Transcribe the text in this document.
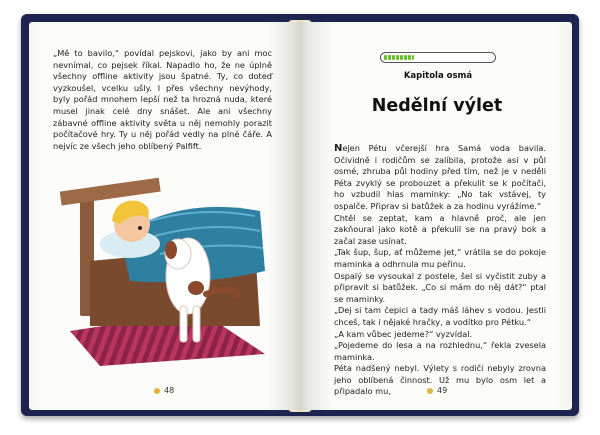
„Mě to bavilo,“ povídal pejskovi, jako by ani moc nevnímal, co pejsek říkal. Napadlo ho, že ne úplně všechny offline aktivity jsou špatné. Ty, co doteď vyzkoušel, vcelku ušly. I přes všechny nevýhody, byly pořád mnohem lepší než ta hrozná nuda, které musel jinak celé dny snášet. Ale ani všechny zábavné offline aktivity světa u něj nemohly porazit počítačové hry. Ty u něj pořád vedly na plné čáře. A nejvíc ze všech jeho oblíbený Palfift.

48
Kapitola osmá
Nedělní výlet

Nejen Pétu včerejší hra Samá voda bavila. Očividně i rodičům se zalíbila, protože asi v půl osmé, zhruba půl hodiny před tím, než je v neděli Péta zvyklý se probouzet a překulit se k počítači, ho vzbudil hlas maminky: „No tak vstávej, ty ospalče. Připrav si batůžek a za hodinu vyrážíme.“

Chtěl se zeptat, kam a hlavně proč, ale jen zakňoural jako kotě a překulil se na pravý bok a začal zase usínat.

„Tak šup, šup, ať můžeme jet,“ vrátila se do pokoje maminka a odhrnula mu peřinu.

Ospalý se vysoukal z postele, šel si vyčistit zuby a připravit si batůžek. „Co si mám do něj dát?“ ptal se maminky.

„Dej si tam čepici a tady máš láhev s vodou. Jestli chceš, tak i nějaké hračky, a vodítko pro Pétku.“

„A kam vůbec jedeme?“ vyzvídal.

„Pojedeme do lesa a na rozhlednu,“ řekla zvesela maminka.

Péta nadšený nebyl. Výlety s rodiči nebyly zrovna jeho oblíbená činnost. Už mu bylo osm let a připadalo mu,	49
